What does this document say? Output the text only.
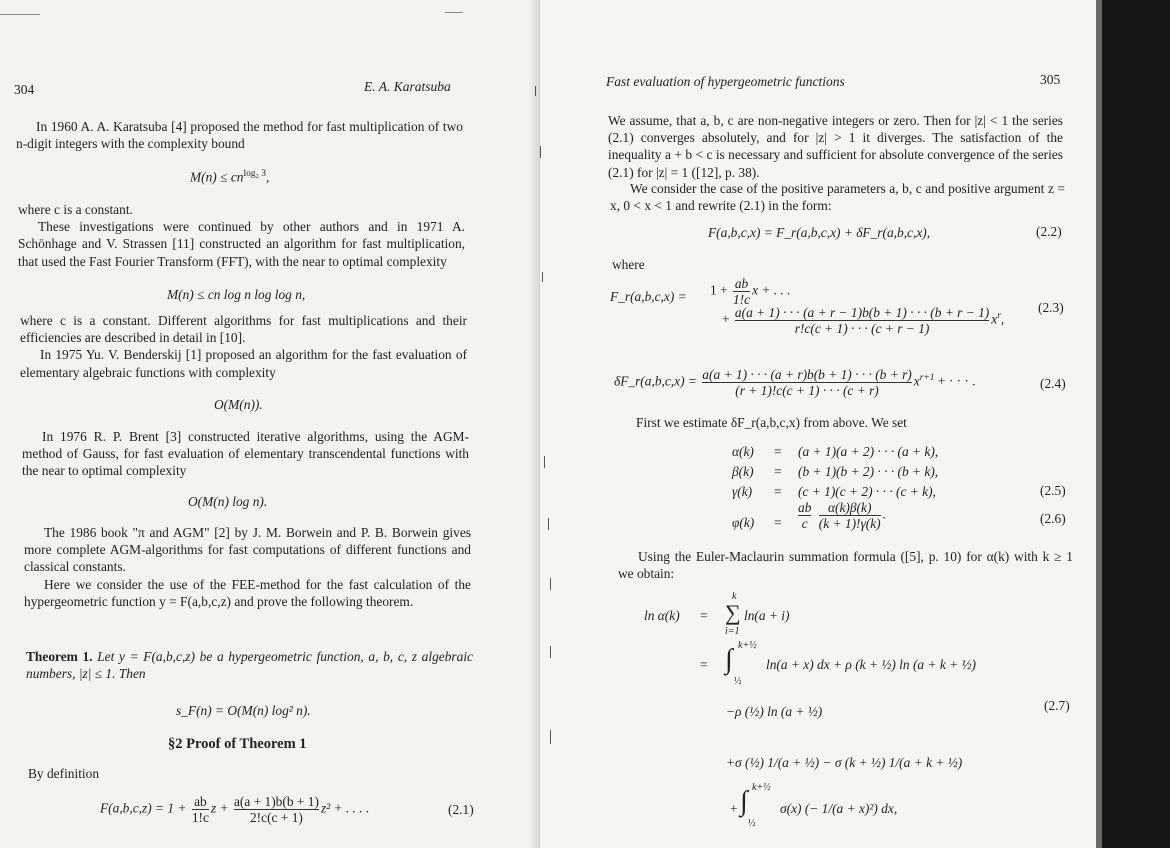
304	E. A. Karatsuba
In 1960 A. A. Karatsuba [4] proposed the method for fast multiplication of two n-digit integers with the complexity bound
$M(n) \le cn^{log_2 3}$,
where c is a constant.
These investigations were continued by other authors and in 1971 A. Schönhage and V. Strassen [11] constructed an algorithm for fast multiplication, that used the Fast Fourier Transform (FFT), with the near to optimal complexity
M(n) ≤ cn log n log log n,
where c is a constant. Different algorithms for fast multiplications and their efficiencies are described in detail in [10].
In 1975 Yu. V. Benderskij [1] proposed an algorithm for the fast evaluation of elementary algebraic functions with complexity
O(M(n)).
In 1976 R. P. Brent [3] constructed iterative algorithms, using the AGM-method of Gauss, for fast evaluation of elementary transcendental functions with the near to optimal complexity
O(M(n) log n).
The 1986 book "π and AGM" [2] by J. M. Borwein and P. B. Borwein gives more complete AGM-algorithms for fast computations of different functions and classical constants.
Here we consider the use of the FEE-method for the fast calculation of the hypergeometric function y = F(a,b,c,z) and prove the following theorem.
Theorem 1. Let y = F(a,b,c,z) be a hypergeometric function, a, b, c, z algebraic numbers, |z| ≤ 1. Then
s_F(n) = O(M(n) log² n).
§2 Proof of Theorem 1
By definition
$F(a,b,c,z) = 1 + \frac{ab}{1!c}$ $z + \frac{a(a + 1)b(b + 1)}{2!c(c + 1)} z^2$ + . . . .	(2.1)
Fast evaluation of hypergeometric functions	305
We assume, that a, b, c are non-negative integers or zero. Then for |z| < 1 the series (2.1) converges absolutely, and for |z| > 1 it diverges. The satisfaction of the inequality a + b < c is necessary and sufficient for absolute convergence of the series (2.1) for |z| = 1 ([12], p. 38).
We consider the case of the positive parameters a, b, c and positive argument z = x, 0 < x < 1 and rewrite (2.1) in the form:
F(a,b,c,x) = F_r(a,b,c,x) + δF_r(a,b,c,x),	(2.2)
where
F_r(a,b,c,x) = $1 + \frac{ab}{1!c}$ x + . . .
+ $\frac{a(a + 1) \cdot \cdot \cdot (a + r - 1)b(b + 1) \cdot \cdot \cdot (b + r - 1)}{r!c(c + 1) \cdot \cdot \cdot (c + r - 1)} x^r$,
(2.3)
δF_r(a,b,c,x) = $\frac{a(a + 1) \cdot \cdot \cdot (a + r)b(b + 1) \cdot \cdot \cdot (b + r)}{(r + 1)!c(c + 1) \cdot \cdot \cdot (c + r)} x^{r+1}$ + · · · .	(2.4)
First we estimate δF_r(a,b,c,x) from above. We set
α(k) = (a + 1)(a + 2) · · · (a + k),
β(k) = (b + 1)(b + 2) · · · (b + k),
γ(k) = (c + 1)(c + 2) · · · (c + k),	(2.5)
$\varphi(k) = \frac{ab}{c}$
$\frac{\alpha(k)\beta(k)}{(k + 1)!\gamma(k)}$ .	(2.6)
Using the Euler-Maclaurin summation formula ([5], p. 10) for α(k) with k ≥ 1 we obtain:
ln α(k) =
k
∑
i=1
ln(a + i)
=
k+½
∫
½
ln(a + x) dx + ρ (k + ½) ln (a + k + ½)
−ρ (½) ln (a + ½)	(2.7)
+σ (½) 1/(a + ½) − σ (k + ½) 1/(a + k + ½)
+
k+½
∫
½
σ(x) (− 1/(a + x)²) dx,
